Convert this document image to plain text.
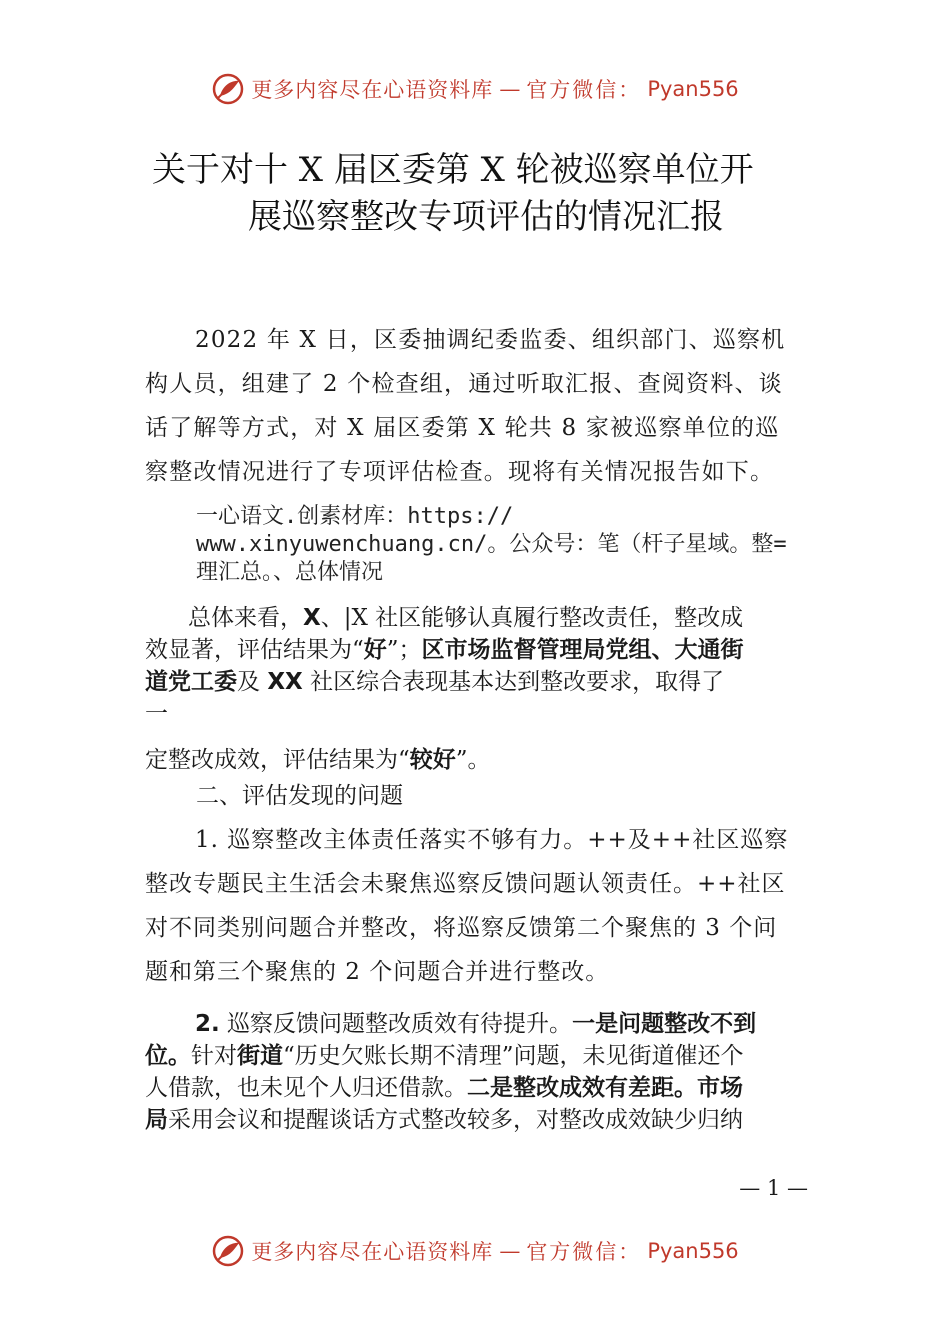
更多内容尽在心语资料库 — 官方微信： Pyan556
关于对十 X 届区委第 X 轮被巡察单位开
展巡察整改专项评估的情况汇报
2022 年 X 日，区委抽调纪委监委、组织部门、巡察机
构人员，组建了 2 个检查组，通过听取汇报、查阅资料、谈
话了解等方式，对 X 届区委第 X 轮共 8 家被巡察单位的巡
察整改情况进行了专项评估检查。现将有关情况报告如下。
一心语文.创素材库：https://
www.xinyuwenchuang.cn/。公众号：笔（杆子星域。整=
理汇总。、总体情况
总体来看，X、|X 社区能够认真履行整改责任，整改成
效显著，评估结果为“好”；区市场监督管理局党组、大通街
道党工委及 XX 社区综合表现基本达到整改要求，取得了
一
定整改成效，评估结果为“较好”。
二、评估发现的问题
1. 巡察整改主体责任落实不够有力。++及++社区巡察
整改专题民主生活会未聚焦巡察反馈问题认领责任。++社区
对不同类别问题合并整改，将巡察反馈第二个聚焦的 3 个问
题和第三个聚焦的 2 个问题合并进行整改。
2. 巡察反馈问题整改质效有待提升。一是问题整改不到
位。针对街道“历史欠账长期不清理”问题，未见街道催还个
人借款，也未见个人归还借款。二是整改成效有差距。市场
局采用会议和提醒谈话方式整改较多，对整改成效缺少归纳
— 1 —
更多内容尽在心语资料库 — 官方微信： Pyan556
